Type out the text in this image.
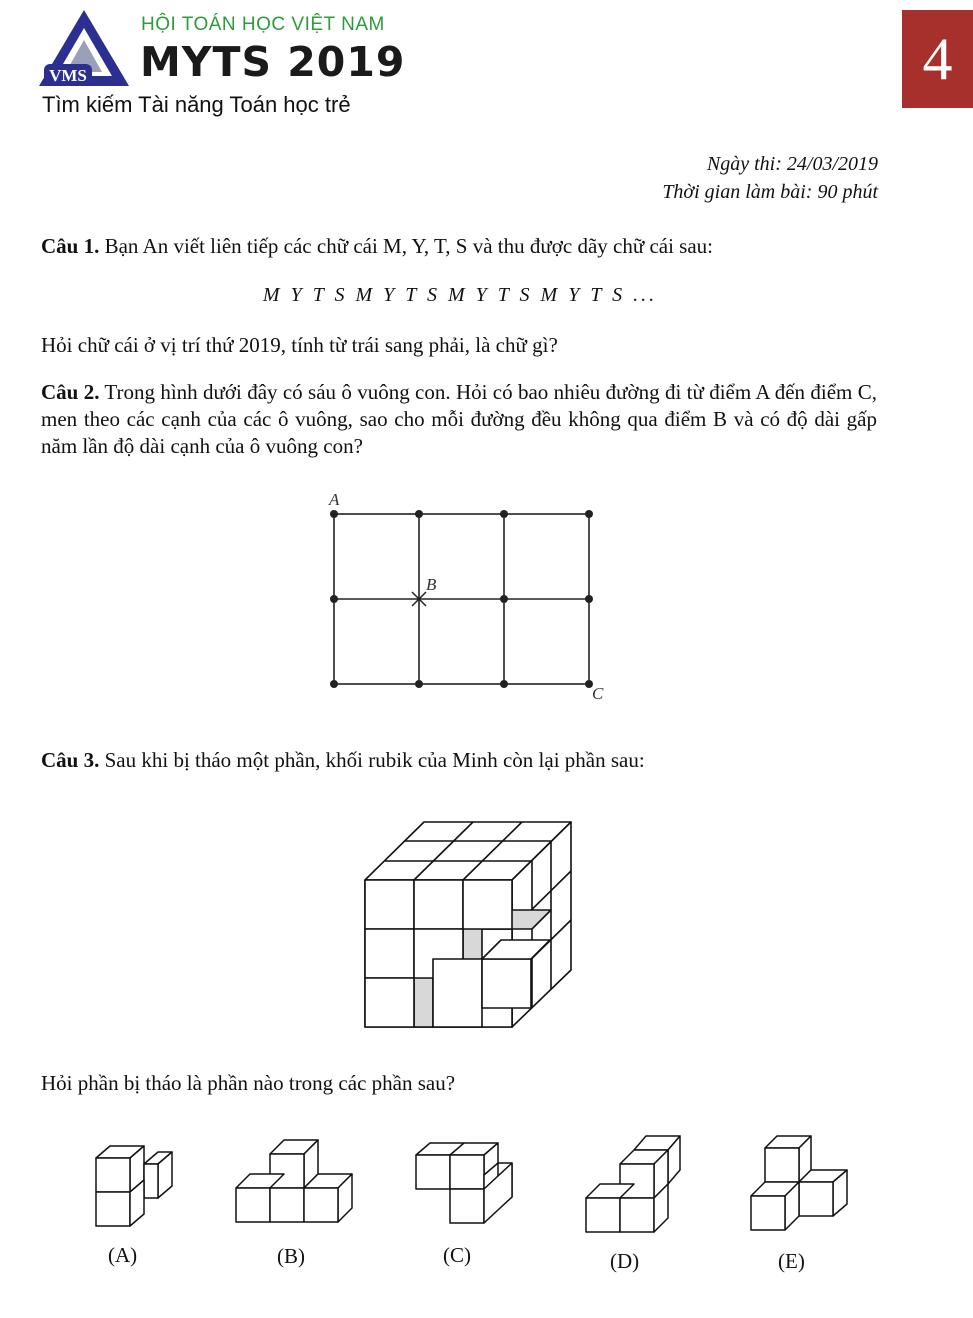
VMS
HỘI TOÁN HỌC VIỆT NAM
MYTS 2019
Tìm kiếm Tài năng Toán học trẻ
4
Ngày thi: 24/03/2019
Thời gian làm bài: 90 phút
Câu 1. Bạn An viết liên tiếp các chữ cái M, Y, T, S và thu được dãy chữ cái sau:
M Y T S M Y T S M Y T S M Y T S ...
Hỏi chữ cái ở vị trí thứ 2019, tính từ trái sang phải, là chữ gì?
Câu 2. Trong hình dưới đây có sáu ô vuông con. Hỏi có bao nhiêu đường đi từ điểm A đến điểm C, men theo các cạnh của các ô vuông, sao cho mỗi đường đều không qua điểm B và có độ dài gấp năm lần độ dài cạnh của ô vuông con?
A
B
C
Câu 3. Sau khi bị tháo một phần, khối rubik của Minh còn lại phần sau:
Hỏi phần bị tháo là phần nào trong các phần sau?
(A)	(B)	(C)	(D)	(E)
